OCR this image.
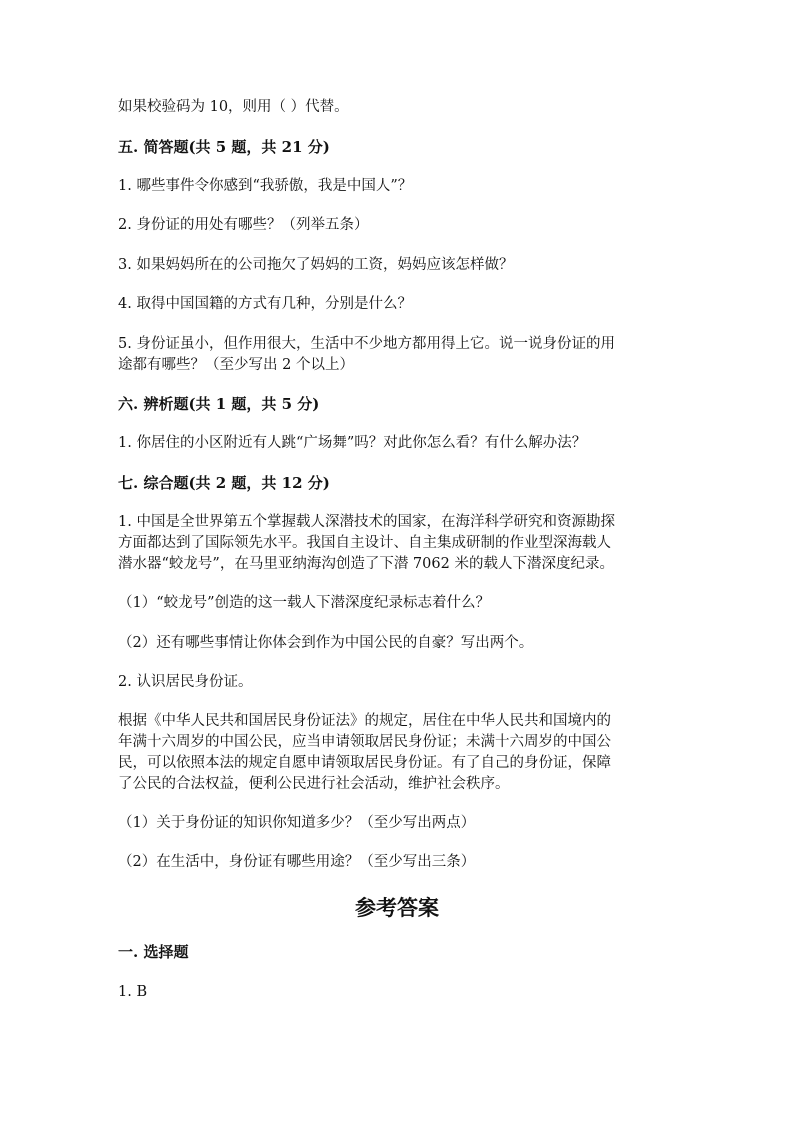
如果校验码为 10，则用（ ）代替。
五. 简答题(共 5 题，共 21 分)
1. 哪些事件令你感到“我骄傲，我是中国人”？
2. 身份证的用处有哪些？（列举五条）
3. 如果妈妈所在的公司拖欠了妈妈的工资，妈妈应该怎样做？
4. 取得中国国籍的方式有几种，分别是什么？
5. 身份证虽小，但作用很大，生活中不少地方都用得上它。说一说身份证的用
途都有哪些？（至少写出 2 个以上）
六. 辨析题(共 1 题，共 5 分)
1. 你居住的小区附近有人跳“广场舞”吗？对此你怎么看？有什么解办法？
七. 综合题(共 2 题，共 12 分)
1. 中国是全世界第五个掌握载人深潜技术的国家，在海洋科学研究和资源勘探
方面都达到了国际领先水平。我国自主设计、自主集成研制的作业型深海载人
潜水器“蛟龙号”，在马里亚纳海沟创造了下潜 7062 米的载人下潜深度纪录。
（1）“蛟龙号”创造的这一载人下潜深度纪录标志着什么？
（2）还有哪些事情让你体会到作为中国公民的自豪？写出两个。
2. 认识居民身份证。
根据《中华人民共和国居民身份证法》的规定，居住在中华人民共和国境内的
年满十六周岁的中国公民，应当申请领取居民身份证；未满十六周岁的中国公
民，可以依照本法的规定自愿申请领取居民身份证。有了自己的身份证，保障
了公民的合法权益，便利公民进行社会活动，维护社会秩序。
（1）关于身份证的知识你知道多少？（至少写出两点）
（2）在生活中，身份证有哪些用途？（至少写出三条）
参考答案
一. 选择题
1. B
